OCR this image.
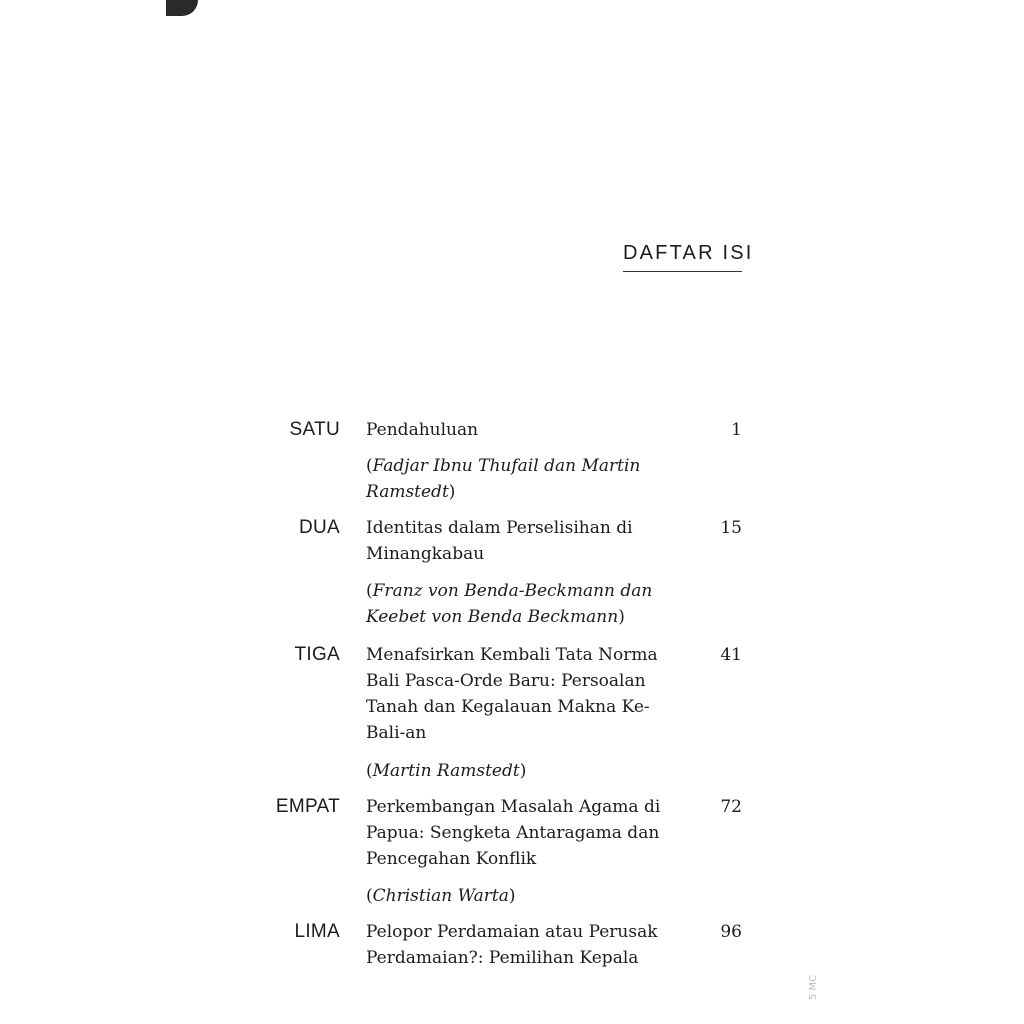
DAFTAR ISI
SATU Pendahuluan	1
(Fadjar Ibnu Thufail dan Martin Ramstedt)
DUA Identitas dalam Perselisihan di Minangkabau
15
(Franz von Benda-Beckmann dan Keebet von Benda Beckmann)
TIGA Menafsirkan Kembali Tata Norma Bali Pasca-Orde Baru: Persoalan Tanah dan Kegalauan Makna Ke-Bali-an
41
(Martin Ramstedt)
EMPAT Perkembangan Masalah Agama di Papua: Sengketa Antaragama dan Pencegahan Konflik
72
(Christian Warta)
LIMA Pelopor Perdamaian atau Perusak Perdamaian?: Pemilihan Kepala
96
5 MC
